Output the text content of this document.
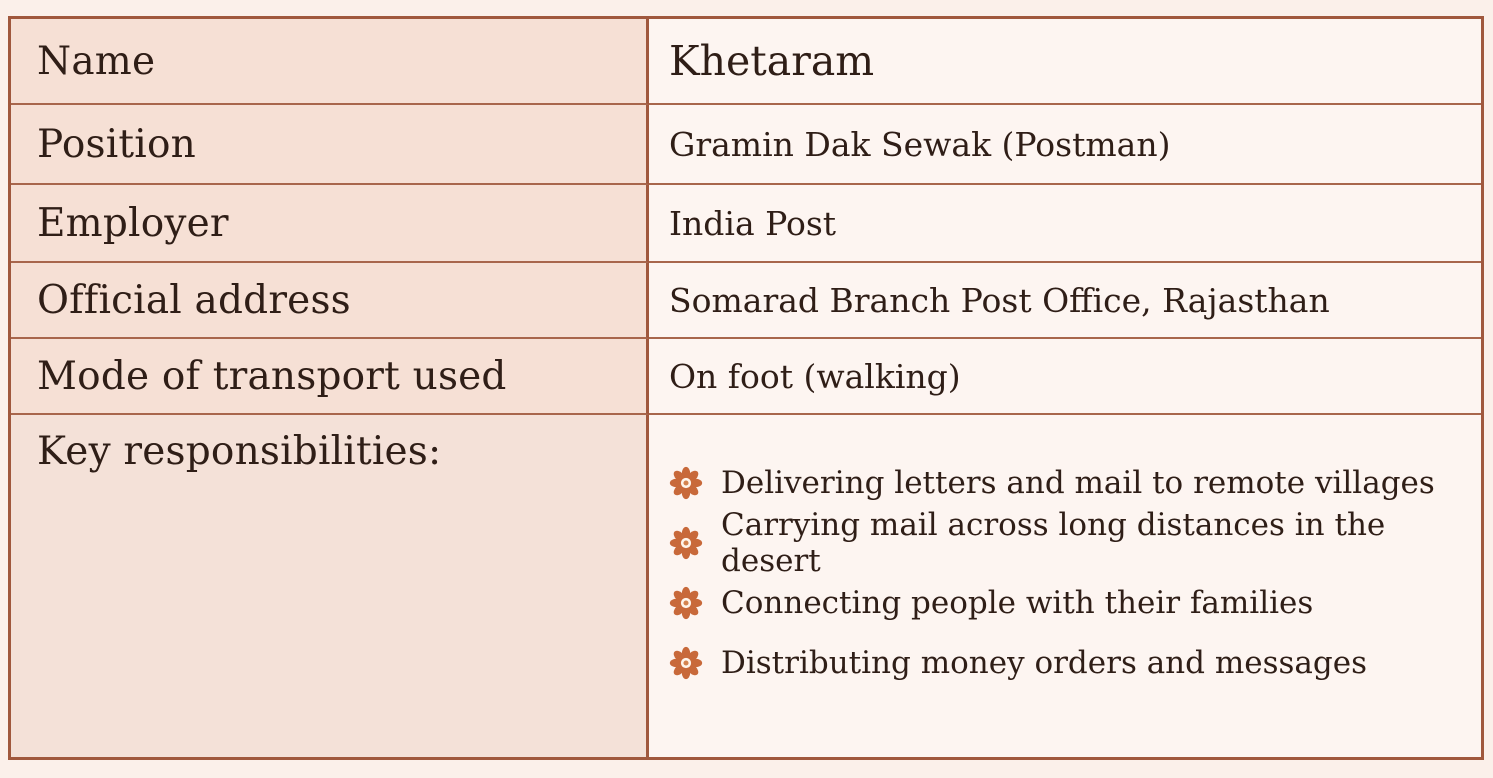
Name	Khetaram
Position	Gramin Dak Sewak (Postman)
Employer	India Post
Official address	Somarad Branch Post Office, Rajasthan
Mode of transport used	On foot (walking)
Key responsibilities:
Delivering letters and mail to remote villages
Carrying mail across long distances in the desert
Connecting people with their families
Distributing money orders and messages
